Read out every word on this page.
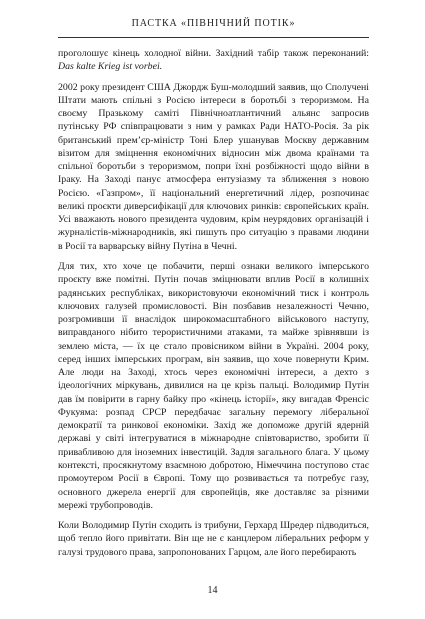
ПАСТКА «ПІВНІЧНИЙ ПОТІК»

проголошує кінець холодної війни. Західний табір також переконаний: Das kalte Krieg ist vorbei.

2002 року президент США Джордж Буш-молодший заявив, що Сполучені Штати мають спільні з Росією інтереси в боротьбі з тероризмом. На своєму Празькому саміті Північноатлантичний альянс запросив путінську РФ співпрацювати з ним у рамках Ради НАТО-Росія. За рік британський прем’єр-міністр Тоні Блер ушанував Москву державним візитом для зміцнення економічних відносин між двома країнами та спільної боротьби з тероризмом, попри їхні розбіжності щодо війни в Іраку. На Заході панує атмосфера ентузіазму та зближення з новою Росією. «Газпром», її національний енергетичний лідер, розпочинає великі проєкти диверсифікації для ключових ринків: європейських країн. Усі вважають нового президента чудовим, крім неурядових організацій і журналістів-міжнародників, які пишуть про ситуацію з правами людини в Росії та варварську війну Путіна в Чечні.

Для тих, хто хоче це побачити, перші ознаки великого імперського проєкту вже помітні. Путін почав зміцнювати вплив Росії в колишніх радянських республіках, використовуючи економічний тиск і контроль ключових галузей промисловості. Він позбавив незалежності Чечню, розгромивши її внаслідок широкомасштабного військового наступу, виправданого нібито терористичними атаками, та майже зрівнявши із землею міста, — їх це стало провісником війни в Україні. 2004 року, серед інших імперських програм, він заявив, що хоче повернути Крим. Але люди на Заході, хтось через економічні інтереси, а дехто з ідеологічних міркувань, дивилися на це крізь пальці. Володимир Путін дав їм повірити в гарну байку про «кінець історії», яку вигадав Френсіс Фукуяма: розпад СРСР передбачає загальну перемогу ліберальної демократії та ринкової економіки. Захід же допоможе другій ядерній державі у світі інтегруватися в міжнародне співтовариство, зробити її привабливою для іноземних інвестицій. Задля загального блага. У цьому контексті, просякнутому взаємною добротою, Німеччина поступово стає промоутером Росії в Європі. Тому що розвивається та потребує газу, основного джерела енергії для європейців, яке доставляє за різними мережі трубопроводів.

Коли Володимир Путін сходить із трибуни, Герхард Шредер підводиться, щоб тепло його привітати. Він ще не є канцлером ліберальних реформ у галузі трудового права, запропонованих Гарцом, але його перебирають

14
